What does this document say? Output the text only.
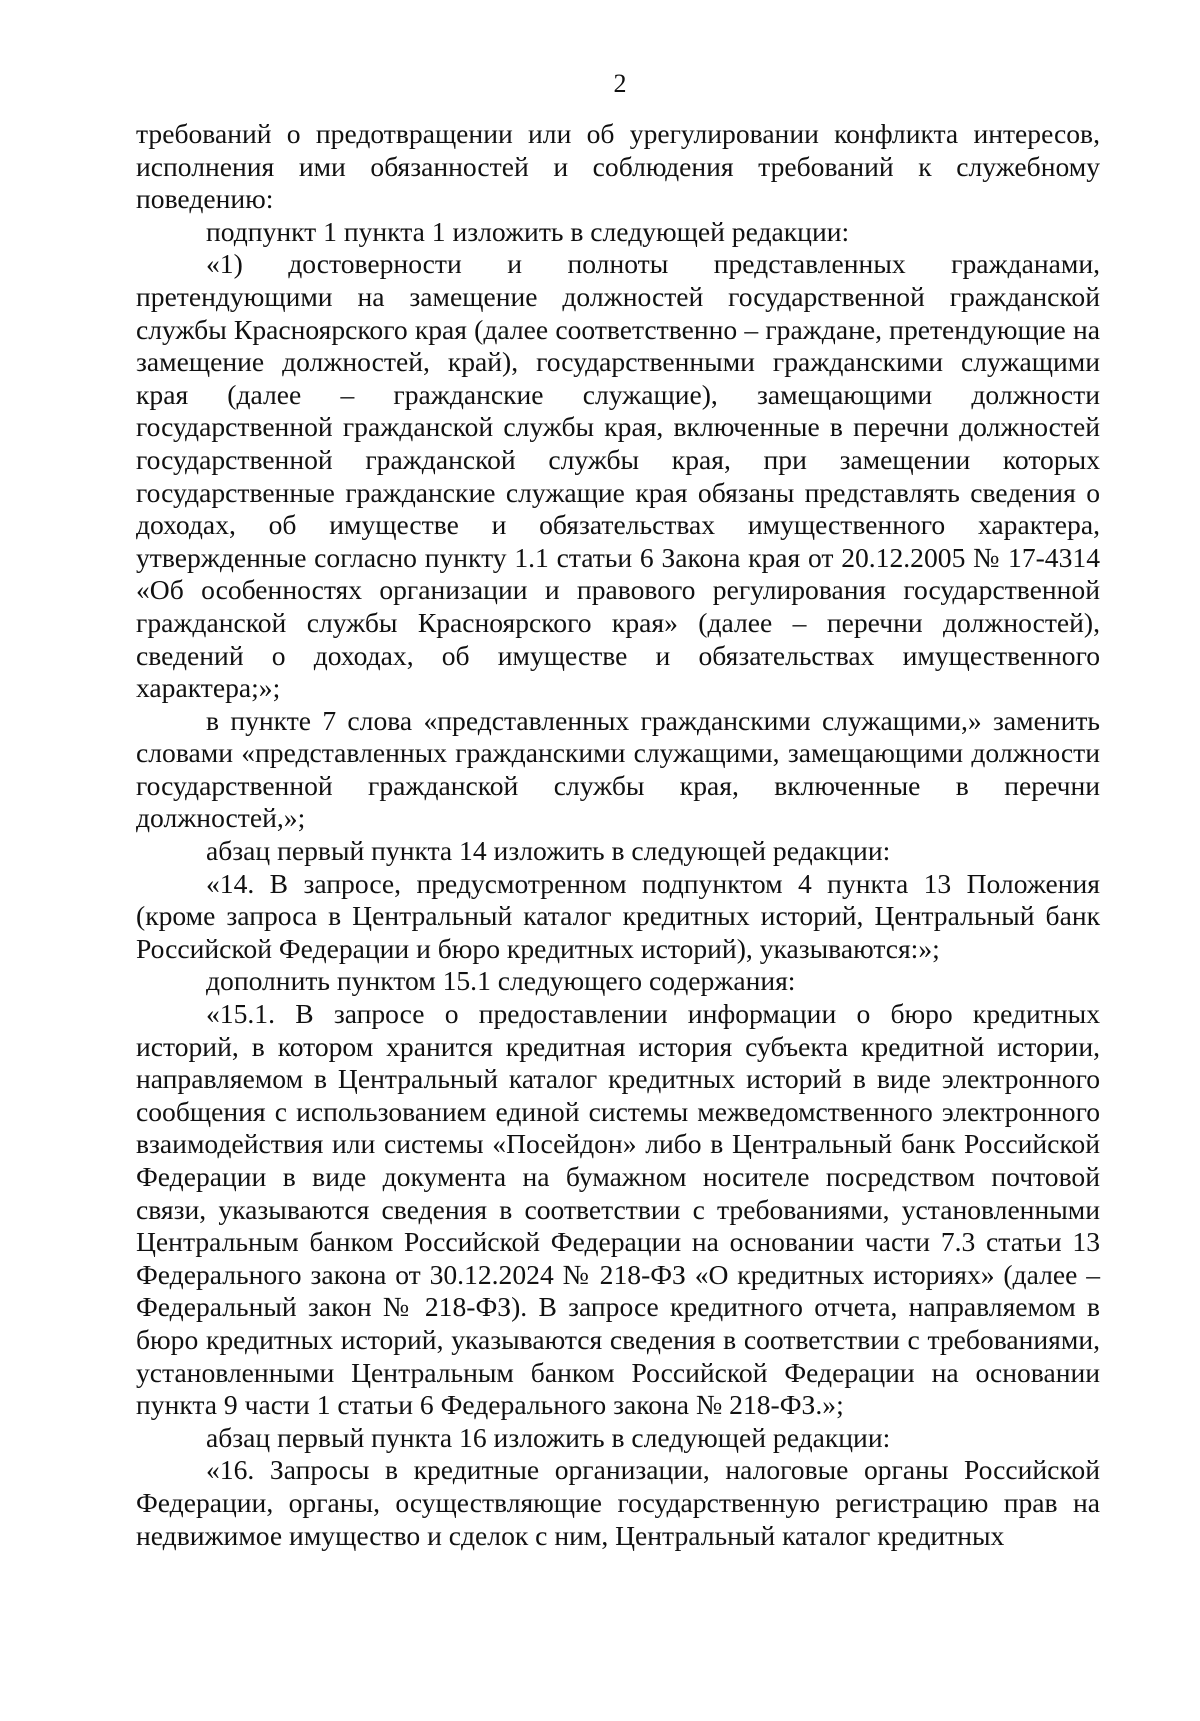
2

требований о предотвращении или об урегулировании конфликта интересов, исполнения ими обязанностей и соблюдения требований к служебному поведению:

подпункт 1 пункта 1 изложить в следующей редакции:

«1) достоверности и полноты представленных гражданами, претендующими на замещение должностей государственной гражданской службы Красноярского края (далее соответственно – граждане, претендующие на замещение должностей, край), государственными гражданскими служащими края (далее – гражданские служащие), замещающими должности государственной гражданской службы края, включенные в перечни должностей государственной гражданской службы края, при замещении которых государственные гражданские служащие края обязаны представлять сведения о доходах, об имуществе и обязательствах имущественного характера, утвержденные согласно пункту 1.1 статьи 6 Закона края от 20.12.2005 № 17-4314 «Об особенностях организации и правового регулирования государственной гражданской службы Красноярского края» (далее – перечни должностей), сведений о доходах, об имуществе и обязательствах имущественного характера;»;

в пункте 7 слова «представленных гражданскими служащими,» заменить словами «представленных гражданскими служащими, замещающими должности государственной гражданской службы края, включенные в перечни должностей,»;

абзац первый пункта 14 изложить в следующей редакции:

«14. В запросе, предусмотренном подпунктом 4 пункта 13 Положения (кроме запроса в Центральный каталог кредитных историй, Центральный банк Российской Федерации и бюро кредитных историй), указываются:»;

дополнить пунктом 15.1 следующего содержания:

«15.1. В запросе о предоставлении информации о бюро кредитных историй, в котором хранится кредитная история субъекта кредитной истории, направляемом в Центральный каталог кредитных историй в виде электронного сообщения с использованием единой системы межведомственного электронного взаимодействия или системы «Посейдон» либо в Центральный банк Российской Федерации в виде документа на бумажном носителе посредством почтовой связи, указываются сведения в соответствии с требованиями, установленными Центральным банком Российской Федерации на основании части 7.3 статьи 13 Федерального закона от 30.12.2024 № 218-ФЗ «О кредитных историях» (далее – Федеральный закон № 218-ФЗ). В запросе кредитного отчета, направляемом в бюро кредитных историй, указываются сведения в соответствии с требованиями, установленными Центральным банком Российской Федерации на основании пункта 9 части 1 статьи 6 Федерального закона № 218-ФЗ.»;

абзац первый пункта 16 изложить в следующей редакции:

«16. Запросы в кредитные организации, налоговые органы Российской Федерации, органы, осуществляющие государственную регистрацию прав на недвижимое имущество и сделок с ним, Центральный каталог кредитных
